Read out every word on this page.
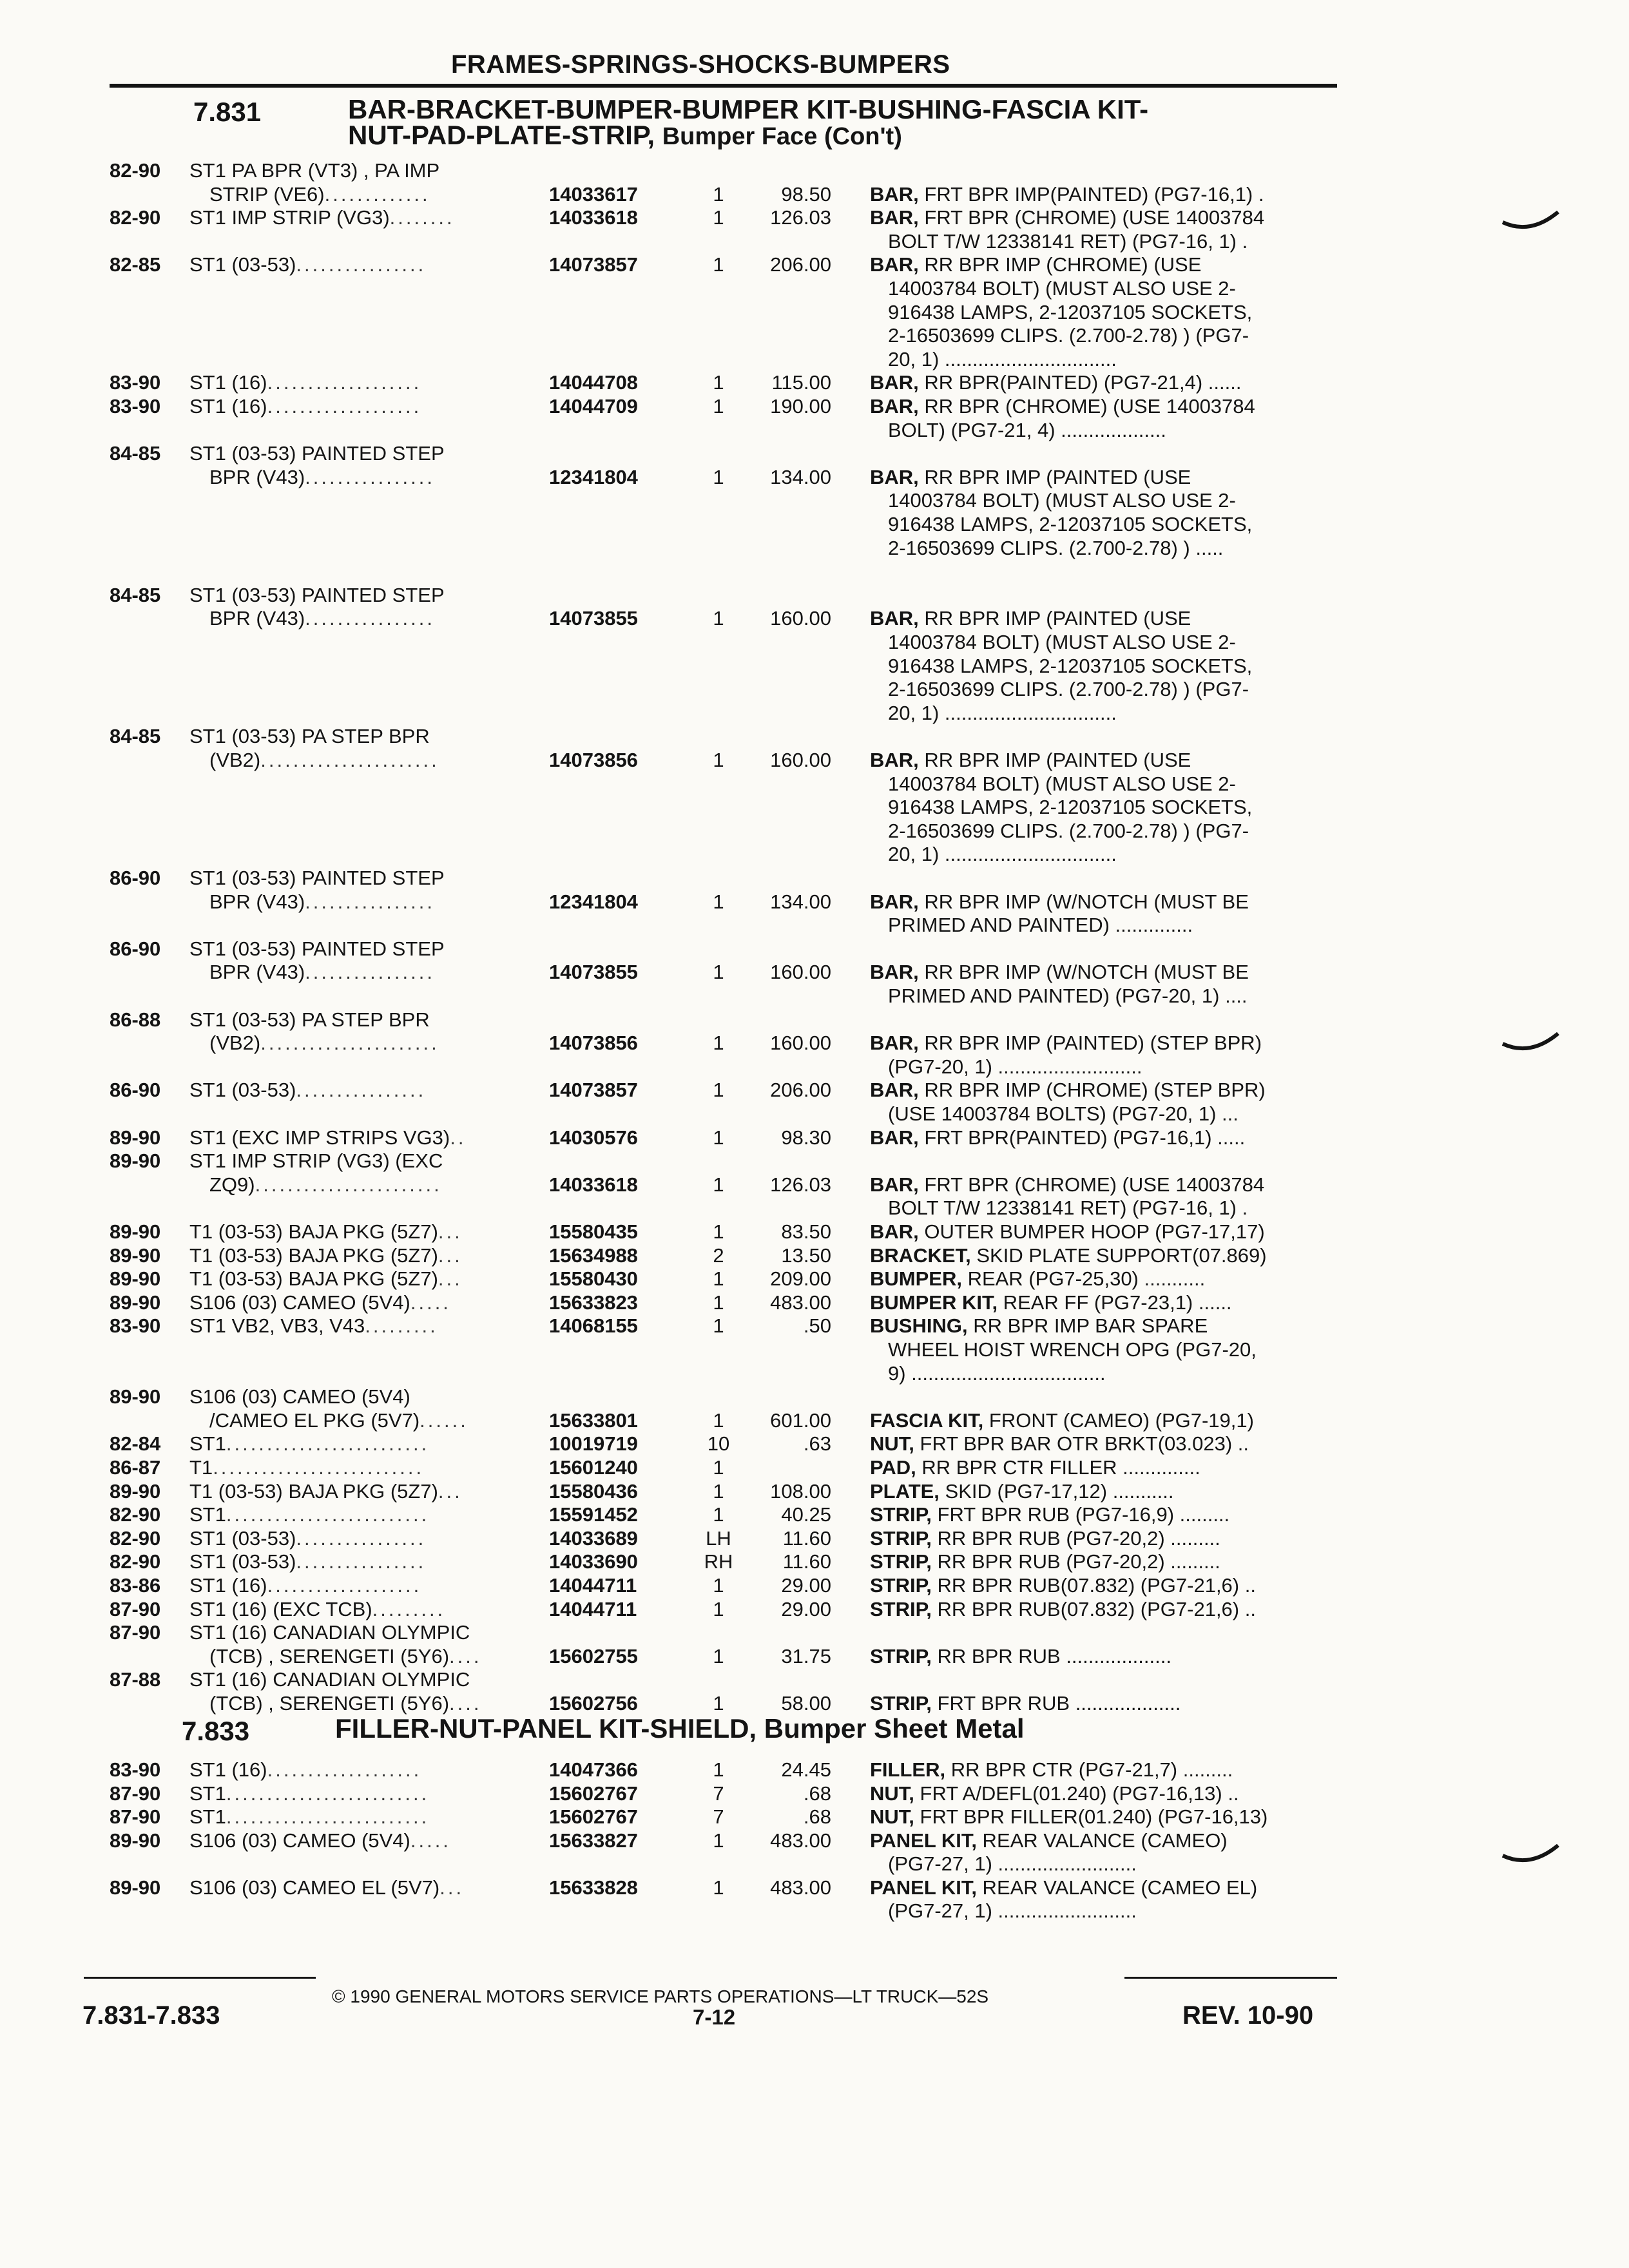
FRAMES-SPRINGS-SHOCKS-BUMPERS
7.831	BAR-BRACKET-BUMPER-BUMPER KIT-BUSHING-FASCIA KIT-
NUT-PAD-PLATE-STRIP, Bumper Face (Con't)
82-90 ST1 PA BPR (VT3) , PA IMP
STRIP (VE6) .............	14033617	1	98.50 BAR, FRT BPR IMP(PAINTED) (PG7-16,1) .
82-90 ST1 IMP STRIP (VG3) ........	14033618	1	126.03 BAR, FRT BPR (CHROME) (USE 14003784
BOLT T/W 12338141 RET) (PG7-16, 1) .
82-85 ST1 (03-53) ................	14073857	1	206.00 BAR, RR BPR IMP (CHROME) (USE
14003784 BOLT) (MUST ALSO USE 2-
916438 LAMPS, 2-12037105 SOCKETS,
2-16503699 CLIPS. (2.700-2.78) ) (PG7-
20, 1) ...............................
83-90 ST1 (16) ...................	14044708	1	115.00 BAR, RR BPR(PAINTED) (PG7-21,4) ......
83-90 ST1 (16) ...................	14044709	1	190.00 BAR, RR BPR (CHROME) (USE 14003784
BOLT) (PG7-21, 4) ...................
84-85 ST1 (03-53) PAINTED STEP
BPR (V43) ................	12341804	1	134.00 BAR, RR BPR IMP (PAINTED (USE
14003784 BOLT) (MUST ALSO USE 2-
916438 LAMPS, 2-12037105 SOCKETS,
2-16503699 CLIPS. (2.700-2.78) ) .....
84-85 ST1 (03-53) PAINTED STEP
BPR (V43) ................	14073855	1	160.00 BAR, RR BPR IMP (PAINTED (USE
14003784 BOLT) (MUST ALSO USE 2-
916438 LAMPS, 2-12037105 SOCKETS,
2-16503699 CLIPS. (2.700-2.78) ) (PG7-
20, 1) ...............................
84-85 ST1 (03-53) PA STEP BPR
(VB2) ......................	14073856	1	160.00 BAR, RR BPR IMP (PAINTED (USE
14003784 BOLT) (MUST ALSO USE 2-
916438 LAMPS, 2-12037105 SOCKETS,
2-16503699 CLIPS. (2.700-2.78) ) (PG7-
20, 1) ...............................
86-90 ST1 (03-53) PAINTED STEP
BPR (V43) ................	12341804	1	134.00 BAR, RR BPR IMP (W/NOTCH (MUST BE
PRIMED AND PAINTED) ..............
86-90 ST1 (03-53) PAINTED STEP
BPR (V43) ................	14073855	1	160.00 BAR, RR BPR IMP (W/NOTCH (MUST BE
PRIMED AND PAINTED) (PG7-20, 1) ....
86-88 ST1 (03-53) PA STEP BPR
(VB2) ......................	14073856	1	160.00 BAR, RR BPR IMP (PAINTED) (STEP BPR)
(PG7-20, 1) ..........................
86-90 ST1 (03-53) ................	14073857	1	206.00 BAR, RR BPR IMP (CHROME) (STEP BPR)
(USE 14003784 BOLTS) (PG7-20, 1) ...
89-90 ST1 (EXC IMP STRIPS VG3) ..	14030576	1	98.30 BAR, FRT BPR(PAINTED) (PG7-16,1) .....
89-90 ST1 IMP STRIP (VG3) (EXC
ZQ9) .......................	14033618	1	126.03 BAR, FRT BPR (CHROME) (USE 14003784
BOLT T/W 12338141 RET) (PG7-16, 1) .
89-90 T1 (03-53) BAJA PKG (5Z7) ...	15580435	1	83.50 BAR, OUTER BUMPER HOOP (PG7-17,17)
89-90 T1 (03-53) BAJA PKG (5Z7) ...	15634988	2	13.50 BRACKET, SKID PLATE SUPPORT(07.869)
89-90 T1 (03-53) BAJA PKG (5Z7) ...	15580430	1	209.00 BUMPER, REAR (PG7-25,30) ...........
89-90 S106 (03) CAMEO (5V4) .....	15633823	1	483.00 BUMPER KIT, REAR FF (PG7-23,1) ......
83-90 ST1 VB2, VB3, V43 .........	14068155	1	.50 BUSHING, RR BPR IMP BAR SPARE
WHEEL HOIST WRENCH OPG (PG7-20,
9) ...................................
89-90 S106 (03) CAMEO (5V4)
/CAMEO EL PKG (5V7) ......	15633801	1	601.00 FASCIA KIT, FRONT (CAMEO) (PG7-19,1)
82-84 ST1 .........................	10019719	10	.63 NUT, FRT BPR BAR OTR BRKT(03.023) ..
86-87 T1 ..........................	15601240	1	PAD, RR BPR CTR FILLER ..............
89-90 T1 (03-53) BAJA PKG (5Z7) ...	15580436	1	108.00 PLATE, SKID (PG7-17,12) ...........
82-90 ST1 .........................	15591452	1	40.25 STRIP, FRT BPR RUB (PG7-16,9) .........
82-90 ST1 (03-53) ................	14033689	LH	11.60 STRIP, RR BPR RUB (PG7-20,2) .........
82-90 ST1 (03-53) ................	14033690	RH	11.60 STRIP, RR BPR RUB (PG7-20,2) .........
83-86 ST1 (16) ...................	14044711	1	29.00 STRIP, RR BPR RUB(07.832) (PG7-21,6) ..
87-90 ST1 (16) (EXC TCB) .........	14044711	1	29.00 STRIP, RR BPR RUB(07.832) (PG7-21,6) ..
87-90 ST1 (16) CANADIAN OLYMPIC
(TCB) , SERENGETI (5Y6) ....	15602755	1	31.75 STRIP, RR BPR RUB ...................
87-88 ST1 (16) CANADIAN OLYMPIC
(TCB) , SERENGETI (5Y6) ....	15602756	1	58.00 STRIP, FRT BPR RUB ...................
7.833	FILLER-NUT-PANEL KIT-SHIELD, Bumper Sheet Metal
83-90 ST1 (16) ...................	14047366	1	24.45 FILLER, RR BPR CTR (PG7-21,7) .........
87-90 ST1 .........................	15602767	7	.68 NUT, FRT A/DEFL(01.240) (PG7-16,13) ..
87-90 ST1 .........................	15602767	7	.68 NUT, FRT BPR FILLER(01.240) (PG7-16,13)
89-90 S106 (03) CAMEO (5V4) .....	15633827	1	483.00 PANEL KIT, REAR VALANCE (CAMEO)
(PG7-27, 1) .........................
89-90 S106 (03) CAMEO EL (5V7) ...	15633828	1	483.00 PANEL KIT, REAR VALANCE (CAMEO EL)
(PG7-27, 1) .........................
© 1990 GENERAL MOTORS SERVICE PARTS OPERATIONS—LT TRUCK—52S
7.831-7.833	7-12	REV. 10-90
